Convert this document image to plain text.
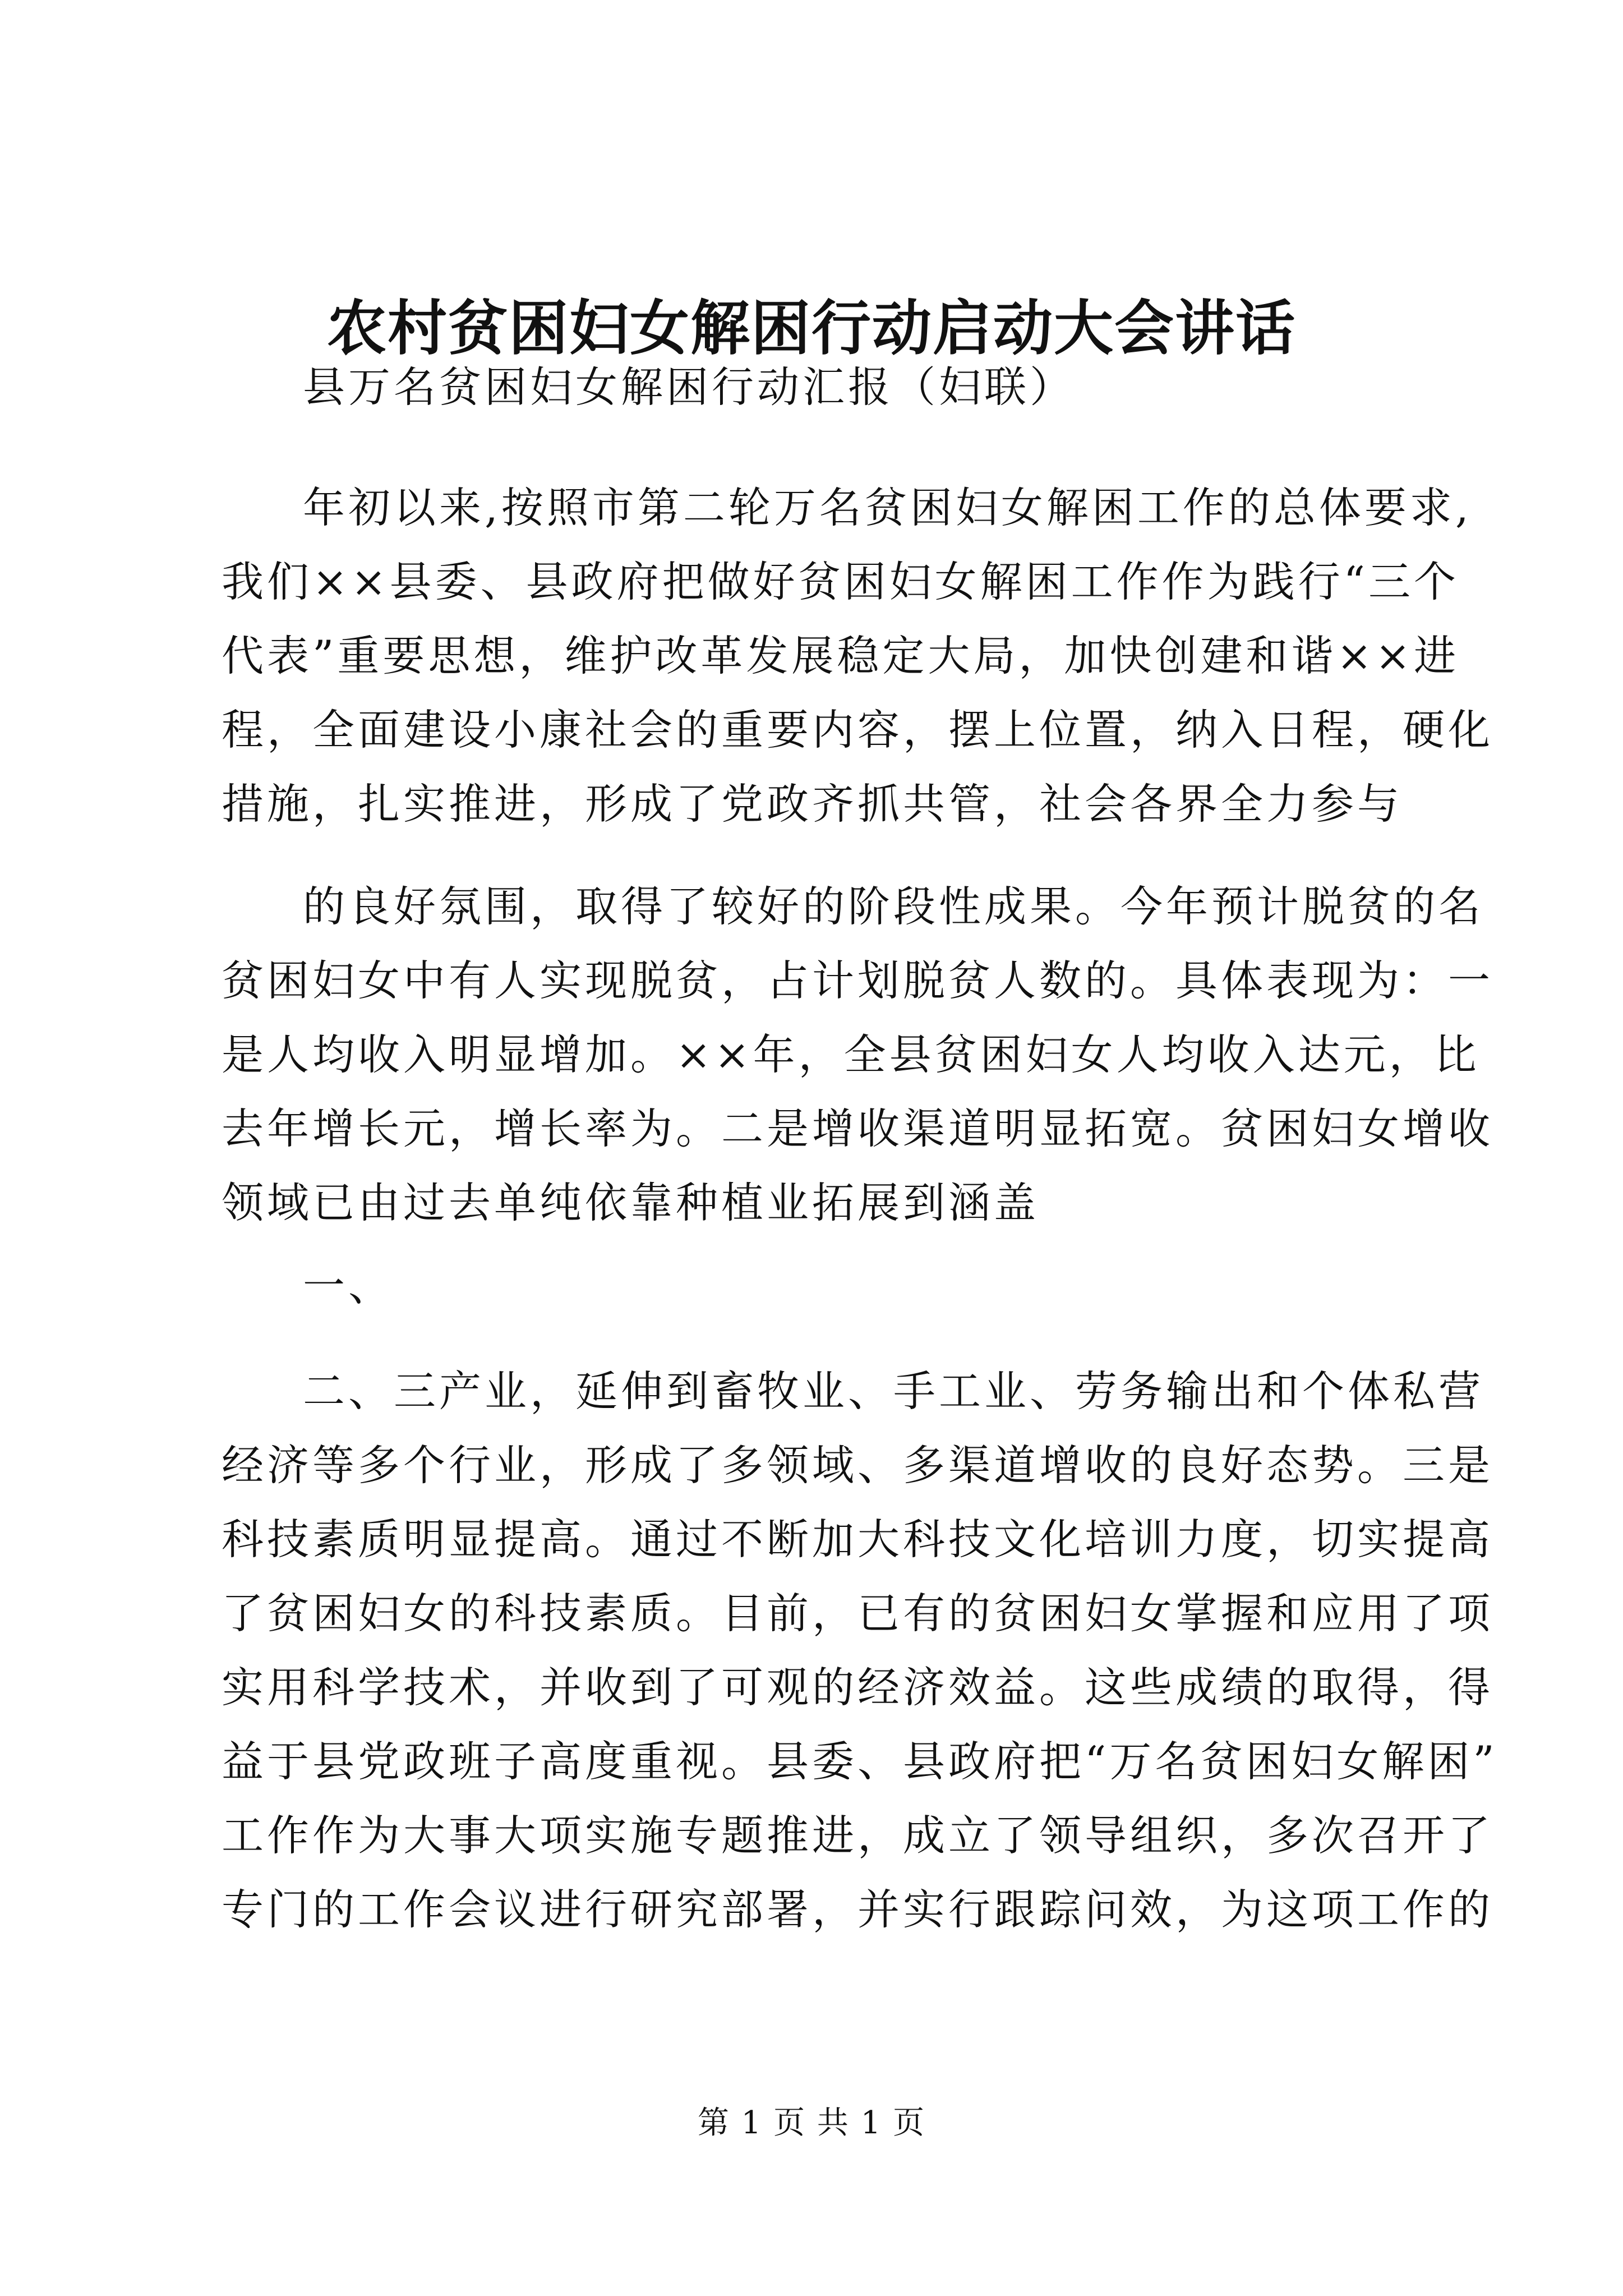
农村贫困妇女解困行动启动大会讲话
县万名贫困妇女解困行动汇报（妇联）
年初以来,按照市第二轮万名贫困妇女解困工作的总体要求,
我们××县委、县政府把做好贫困妇女解困工作作为践行“三个
代表”重要思想，维护改革发展稳定大局，加快创建和谐××进
程，全面建设小康社会的重要内容，摆上位置，纳入日程，硬化
措施，扎实推进，形成了党政齐抓共管，社会各界全力参与
的良好氛围，取得了较好的阶段性成果。今年预计脱贫的名
贫困妇女中有人实现脱贫，占计划脱贫人数的。具体表现为：一
是人均收入明显增加。××年，全县贫困妇女人均收入达元，比
去年增长元，增长率为。二是增收渠道明显拓宽。贫困妇女增收
领域已由过去单纯依靠种植业拓展到涵盖
一、
二、三产业，延伸到畜牧业、手工业、劳务输出和个体私营
经济等多个行业，形成了多领域、多渠道增收的良好态势。三是
科技素质明显提高。通过不断加大科技文化培训力度，切实提高
了贫困妇女的科技素质。目前，已有的贫困妇女掌握和应用了项
实用科学技术，并收到了可观的经济效益。这些成绩的取得，得
益于县党政班子高度重视。县委、县政府把“万名贫困妇女解困”
工作作为大事大项实施专题推进，成立了领导组织，多次召开了
专门的工作会议进行研究部署，并实行跟踪问效，为这项工作的
第 1 页 共 1 页
